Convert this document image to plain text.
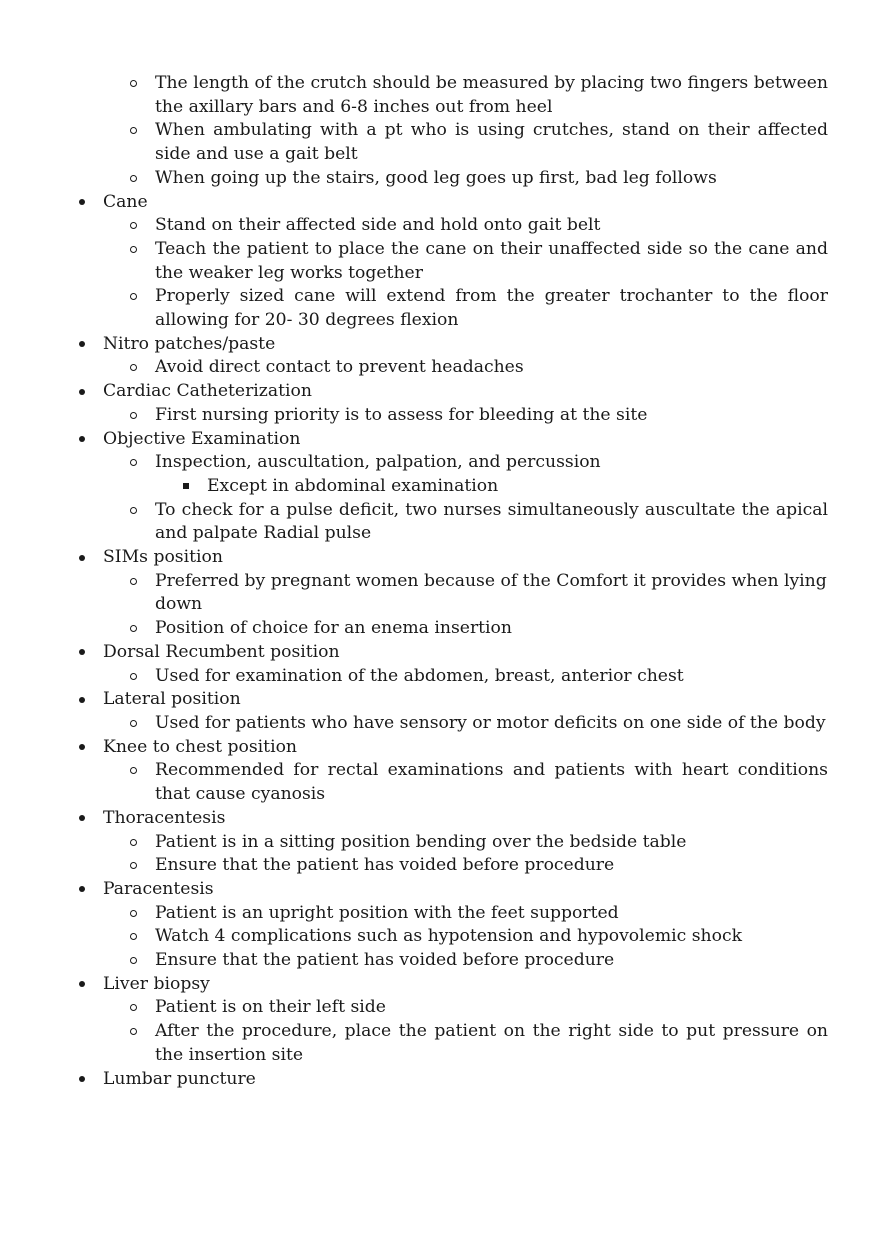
The length of the crutch should be measured by placing two fingers between the axillary bars and 6-8 inches out from heel
When ambulating with a pt who is using crutches, stand on their affected side and use a gait belt
When going up the stairs, good leg goes up first, bad leg follows
Cane
Stand on their affected side and hold onto gait belt
Teach the patient to place the cane on their unaffected side so the cane and the weaker leg works together
Properly sized cane will extend from the greater trochanter to the floor allowing for 20- 30 degrees flexion
Nitro patches/paste
Avoid direct contact to prevent headaches
Cardiac Catheterization
First nursing priority is to assess for bleeding at the site
Objective Examination
Inspection, auscultation, palpation, and percussion
Except in abdominal examination
To check for a pulse deficit, two nurses simultaneously auscultate the apical and palpate Radial pulse
SIMs position
Preferred by pregnant women because of the Comfort it provides when lying down
Position of choice for an enema insertion
Dorsal Recumbent position
Used for examination of the abdomen, breast, anterior chest
Lateral position
Used for patients who have sensory or motor deficits on one side of the body
Knee to chest position
Recommended for rectal examinations and patients with heart conditions that cause cyanosis
Thoracentesis
Patient is in a sitting position bending over the bedside table
Ensure that the patient has voided before procedure
Paracentesis
Patient is an upright position with the feet supported
Watch 4 complications such as hypotension and hypovolemic shock
Ensure that the patient has voided before procedure
Liver biopsy
Patient is on their left side
After the procedure, place the patient on the right side to put pressure on the insertion site
Lumbar puncture
